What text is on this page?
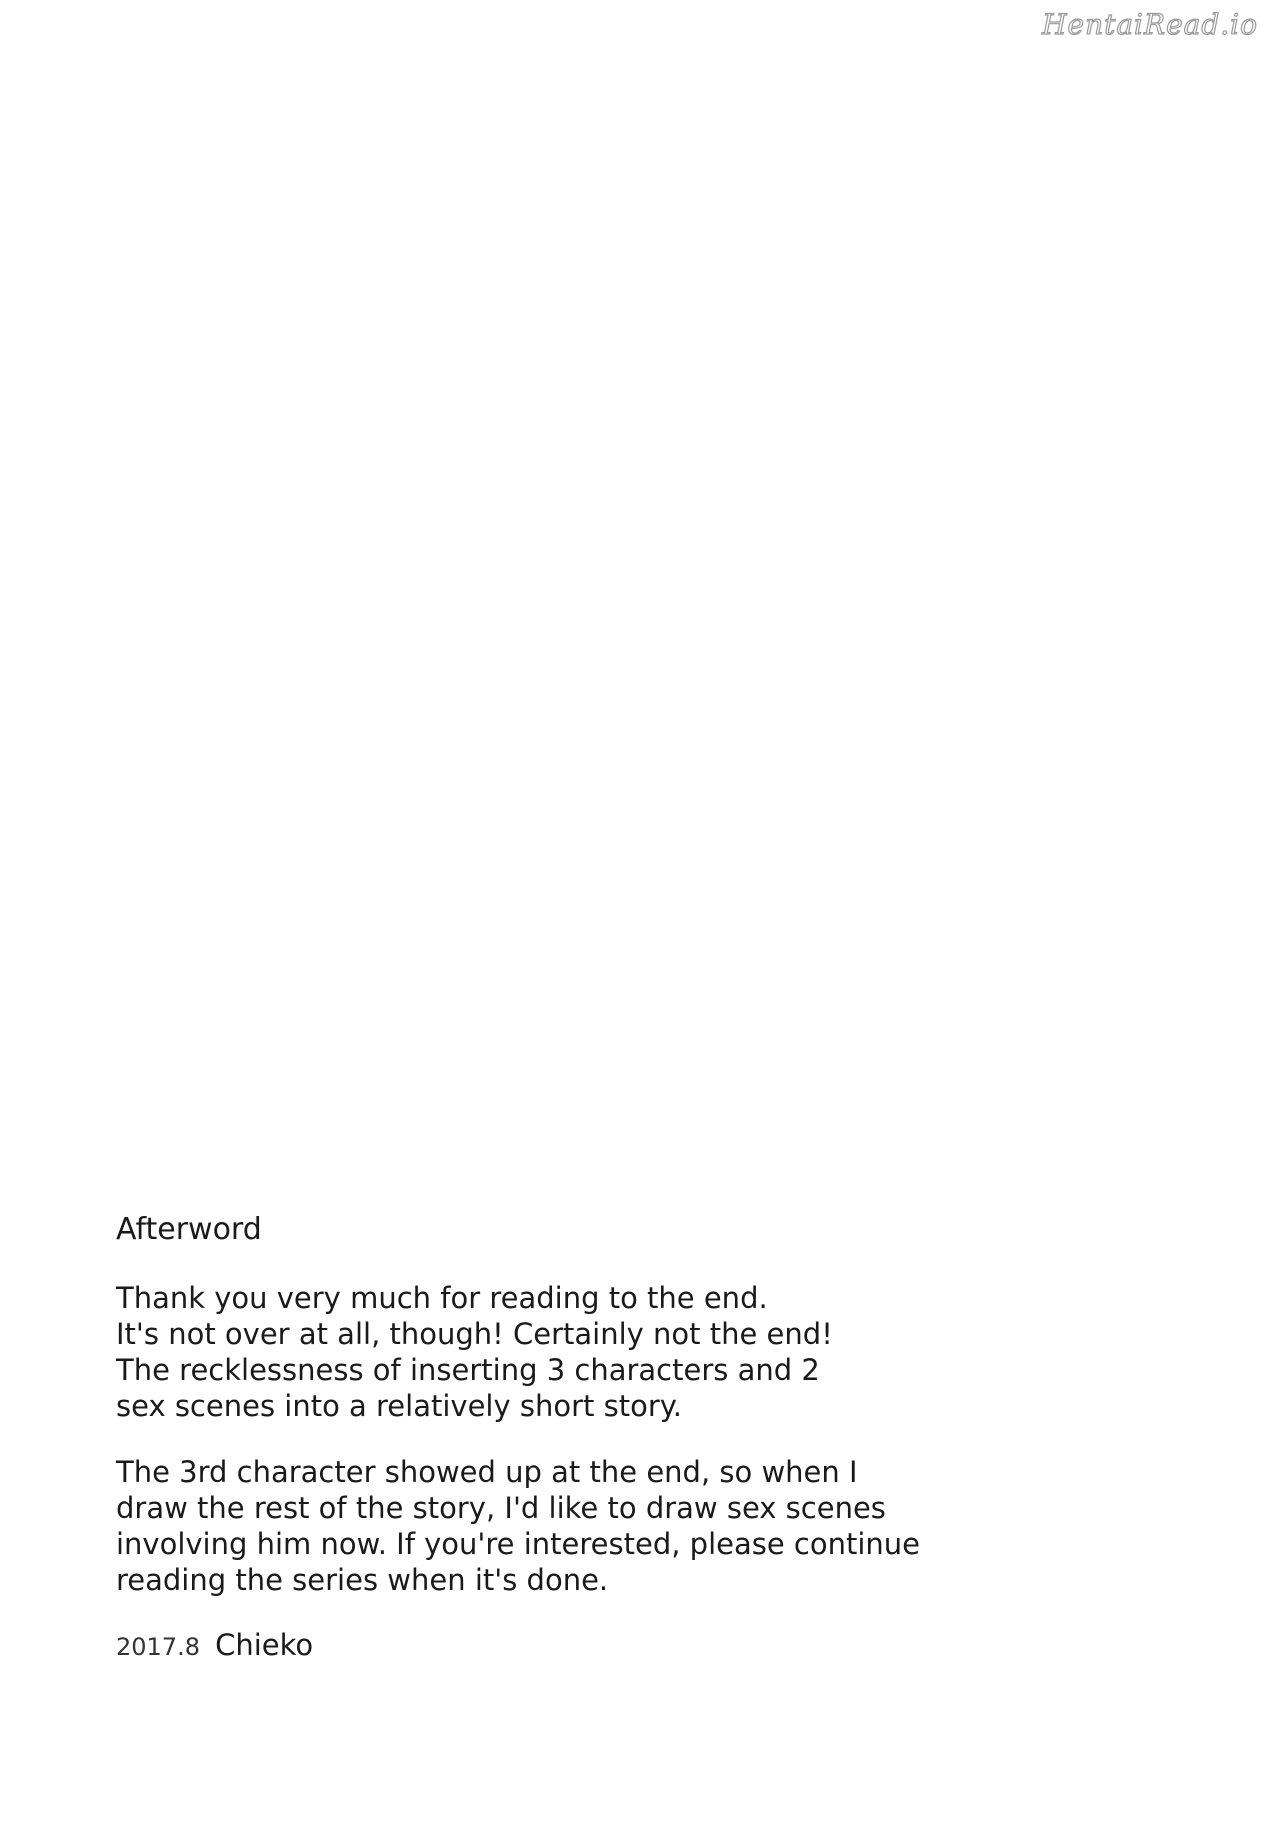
HentaiRead.io
Afterword
Thank you very much for reading to the end.
It's not over at all, though! Certainly not the end!
The recklessness of inserting 3 characters and 2
sex scenes into a relatively short story.
The 3rd character showed up at the end, so when I
draw the rest of the story, I'd like to draw sex scenes
involving him now. If you're interested, please continue
reading the series when it's done.
2017.8 Chieko
